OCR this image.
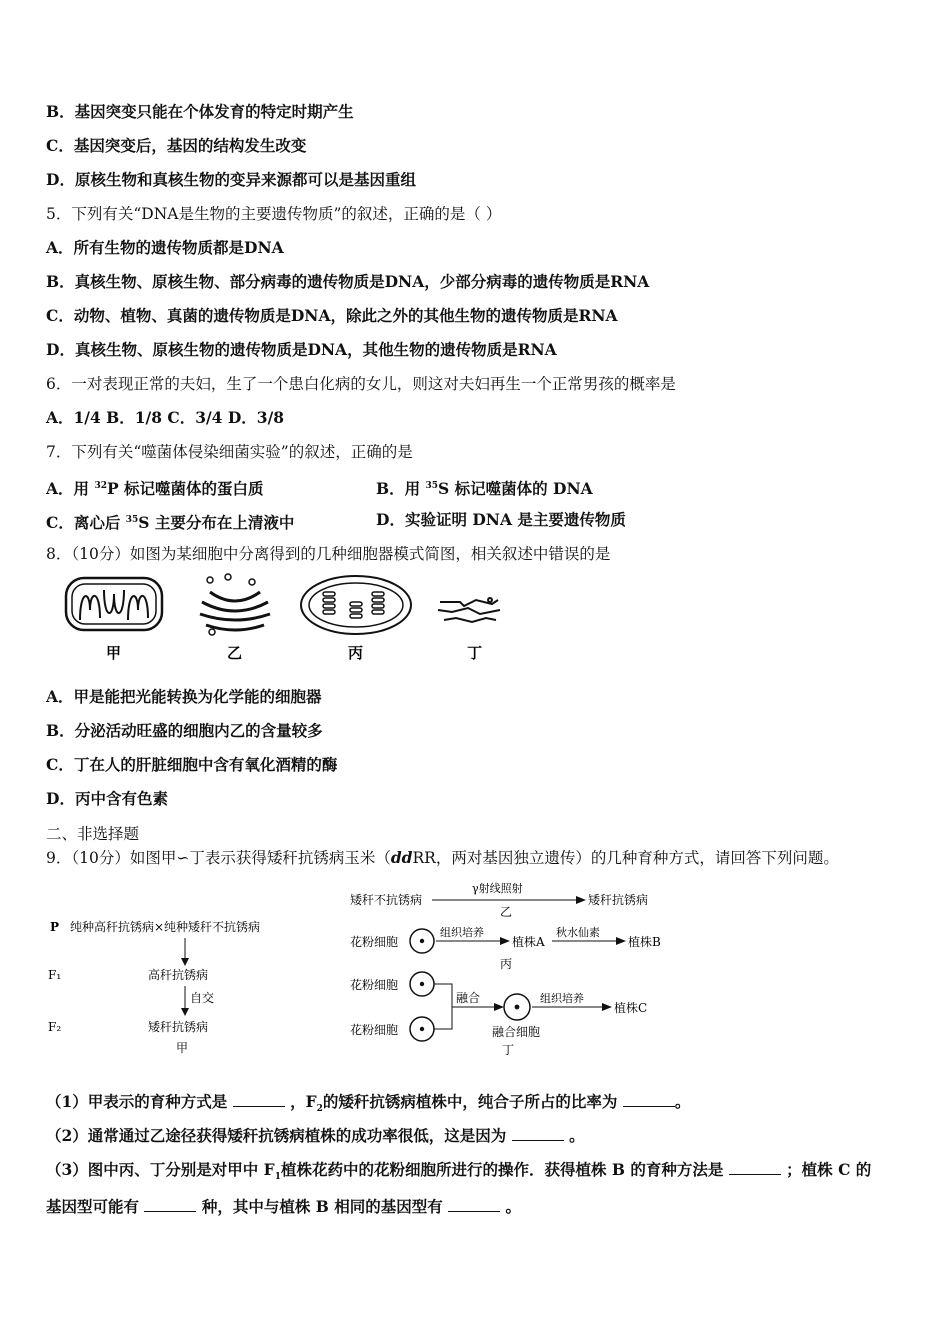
B．基因突变只能在个体发育的特定时期产生
C．基因突变后，基因的结构发生改变
D．原核生物和真核生物的变异来源都可以是基因重组
5．下列有关“DNA是生物的主要遗传物质”的叙述，正确的是（ ）
A．所有生物的遗传物质都是DNA
B．真核生物、原核生物、部分病毒的遗传物质是DNA，少部分病毒的遗传物质是RNA
C．动物、植物、真菌的遗传物质是DNA，除此之外的其他生物的遗传物质是RNA
D．真核生物、原核生物的遗传物质是DNA，其他生物的遗传物质是RNA
6．一对表现正常的夫妇，生了一个患白化病的女儿，则这对夫妇再生一个正常男孩的概率是
A．1/4 B．1/8 C．3/4 D．3/8
7．下列有关“噬菌体侵染细菌实验”的叙述，正确的是
A．用 $^{32}$P 标记噬菌体的蛋白质	B．用 $^{35}$S 标记噬菌体的 DNA
C．离心后 $^{35}$S 主要分布在上清液中	D．实验证明 DNA 是主要遗传物质
8．（10分）如图为某细胞中分离得到的几种细胞器模式简图，相关叙述中错误的是
甲	乙	丙	丁
A．甲是能把光能转换为化学能的细胞器
B．分泌活动旺盛的细胞内乙的含量较多
C．丁在人的肝脏细胞中含有氧化酒精的酶
D．丙中含有色素
二、非选择题
9．（10分）如图甲∽丁表示获得矮秆抗锈病玉米（ddRR，两对基因独立遗传）的几种育种方式，请回答下列问题。
P 纯种高秆抗锈病×纯种矮秆不抗锈病
F₁	高秆抗锈病
自交
F₂	矮秆抗锈病
甲
矮秆不抗锈病
γ射线照射
矮秆抗锈病
乙
花粉细胞
组织培养
植株A
秋水仙素
植株B
丙
花粉细胞
花粉细胞
融合	组织培养
植株C
融合细胞
丁
（1）甲表示的育种方式是	，$F_2$的矮秆抗锈病植株中，纯合子所占的比率为	。
（2）通常通过乙途径获得矮秆抗锈病植株的成功率很低，这是因为	。
（3）图中丙、丁分别是对甲中 $F_1$植株花药中的花粉细胞所进行的操作．获得植株 B 的育种方法是	；植株 C 的
基因型可能有	种，其中与植株 B 相同的基因型有	。
